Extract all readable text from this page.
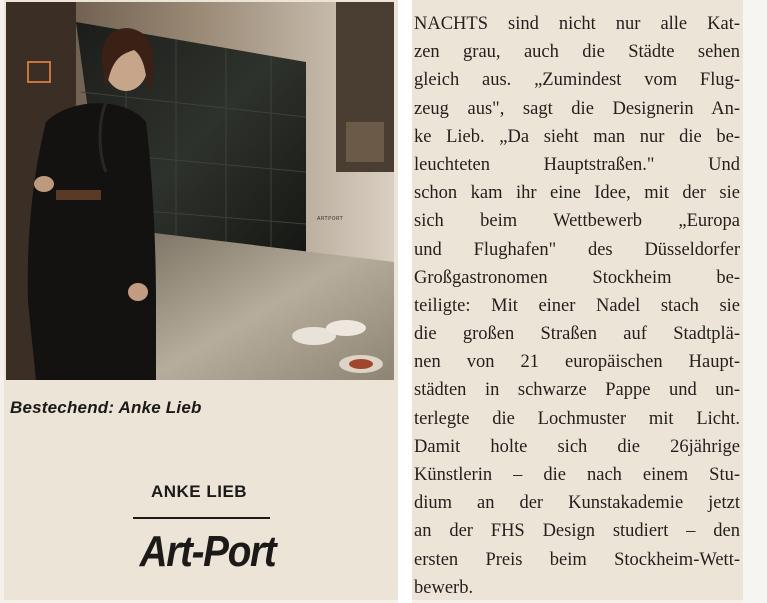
ARTPORT
Bestechend: Anke Lieb
ANKE LIEB
Art-Port
NACHTS sind nicht nur alle Kat-
zen grau, auch die Städte sehen
gleich aus. „Zumindest vom Flug-
zeug aus", sagt die Designerin An-
ke Lieb. „Da sieht man nur die be-
leuchteten Hauptstraßen." Und
schon kam ihr eine Idee, mit der sie
sich beim Wettbewerb „Europa
und Flughafen" des Düsseldorfer
Großgastronomen Stockheim be-
teiligte: Mit einer Nadel stach sie
die großen Straßen auf Stadtplä-
nen von 21 europäischen Haupt-
städten in schwarze Pappe und un-
terlegte die Lochmuster mit Licht.
Damit holte sich die 26jährige
Künstlerin – die nach einem Stu-
dium an der Kunstakademie jetzt
an der FHS Design studiert – den
ersten Preis beim Stockheim-Wett-
bewerb.
